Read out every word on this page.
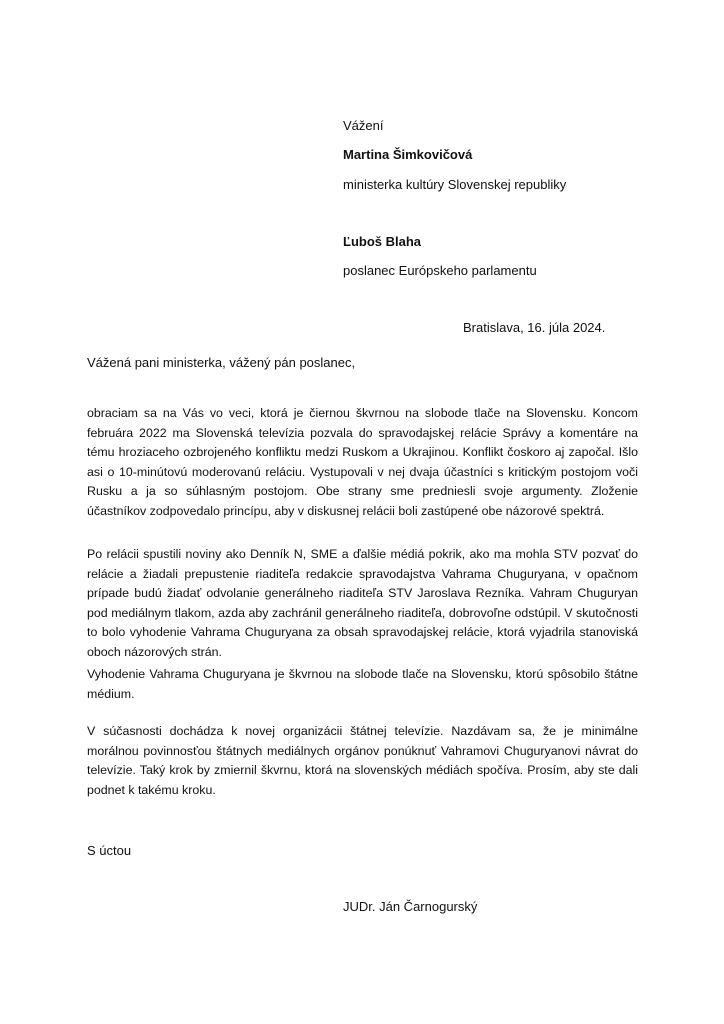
Vážení
Martina Šimkovičová
ministerka kultúry Slovenskej republiky
Ľuboš Blaha
poslanec Európskeho parlamentu
Bratislava, 16. júla 2024.
Vážená pani ministerka, vážený pán poslanec,

obraciam sa na Vás vo veci, ktorá je čiernou škvrnou na slobode tlače na Slovensku. Koncom februára 2022 ma Slovenská televízia pozvala do spravodajskej relácie Správy a komentáre na tému hroziaceho ozbrojeného konfliktu medzi Ruskom a Ukrajinou. Konflikt čoskoro aj započal. Išlo asi o 10-minútovú moderovanú reláciu. Vystupovali v nej dvaja účastníci s kritickým postojom voči Rusku a ja so súhlasným postojom. Obe strany sme predniesli svoje argumenty. Zloženie účastníkov zodpovedalo princípu, aby v diskusnej relácii boli zastúpené obe názorové spektrá.

Po relácii spustili noviny ako Denník N, SME a ďalšie médiá pokrik, ako ma mohla STV pozvať do relácie a žiadali prepustenie riaditeľa redakcie spravodajstva Vahrama Chuguryana, v opačnom prípade budú žiadať odvolanie generálneho riaditeľa STV Jaroslava Rezníka. Vahram Chuguryan pod mediálnym tlakom, azda aby zachránil generálneho riaditeľa, dobrovoľne odstúpil. V skutočnosti to bolo vyhodenie Vahrama Chuguryana za obsah spravodajskej relácie, ktorá vyjadrila stanoviská oboch názorových strán.

Vyhodenie Vahrama Chuguryana je škvrnou na slobode tlače na Slovensku, ktorú spôsobilo štátne médium.

V súčasnosti dochádza k novej organizácii štátnej televízie. Nazdávam sa, že je minimálne morálnou povinnosťou štátnych mediálnych orgánov ponúknuť Vahramovi Chuguryanovi návrat do televízie. Taký krok by zmiernil škvrnu, ktorá na slovenských médiách spočíva. Prosím, aby ste dali podnet k takému kroku.

S úctou
JUDr. Ján Čarnogurský
